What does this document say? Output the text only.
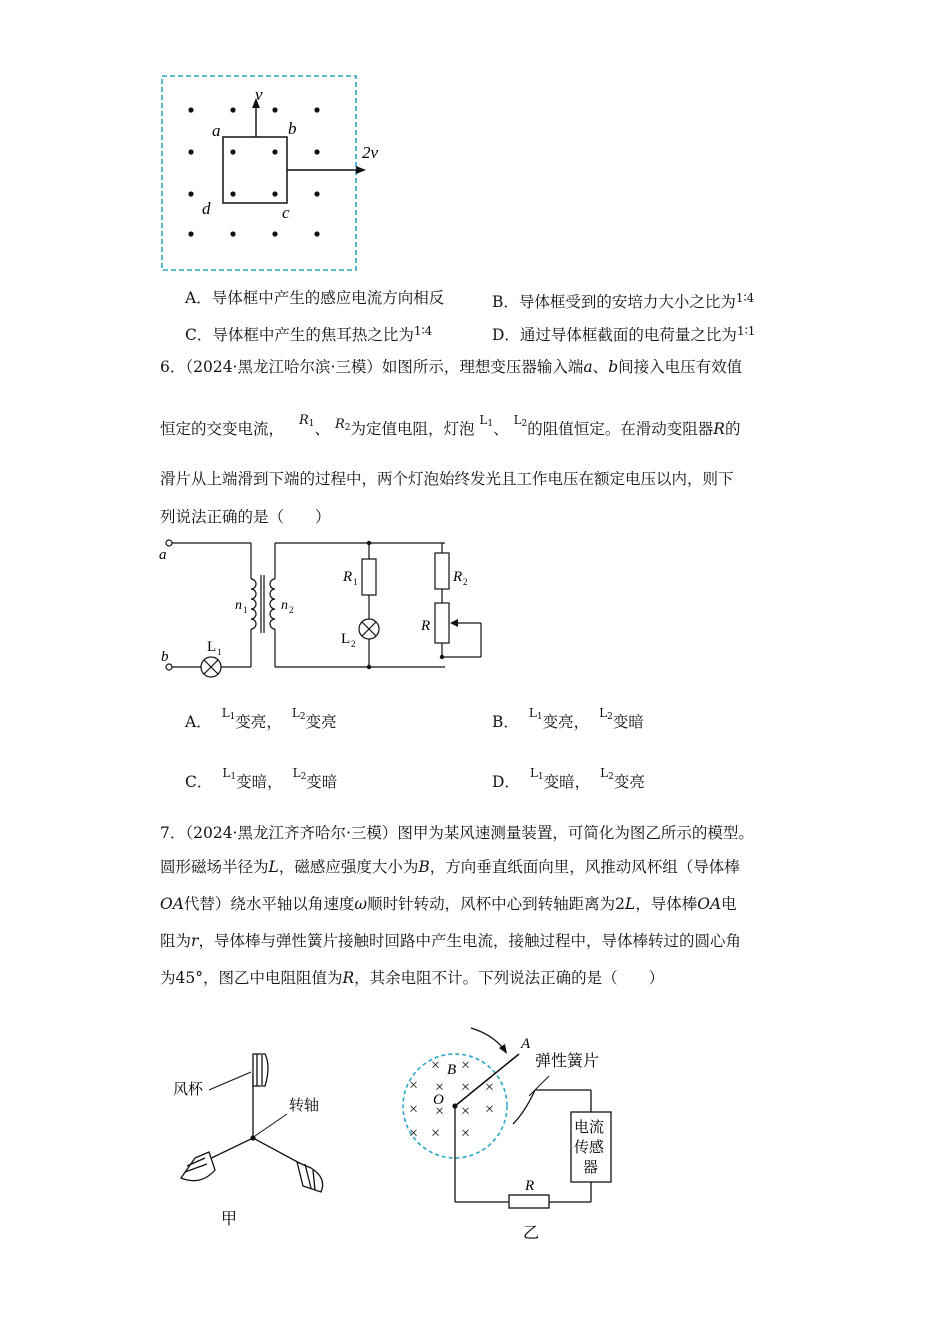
v
2v
a	b
c
d
A．导体框中产生的感应电流方向相反	B．导体框受到的安培力大小之比为$^{1∶4}$
C．导体框中产生的焦耳热之比为$^{1∶4}$	D．通过导体框截面的电荷量之比为$^{1∶1}$
6．（2024·黑龙江哈尔滨·三模）如图所示，理想变压器输入端a、b间接入电压有效值
恒定的交变电流， $^{R_1}$、 $^{R_2}$为定值电阻，灯泡 $^{L_1}$、 $^{L_2}$的阻值恒定。在滑动变阻器R的
滑片从上端滑到下端的过程中，两个灯泡始终发光且工作电压在额定电压以内，则下
列说法正确的是（　　）
a
b
L 1
n 1 n 2
R 1
L 2
R 2
R
A． $^{L_1}$变亮， $^{L_2}$变亮	B． $^{L_1}$变亮， $^{L_2}$变暗
C． $^{L_1}$变暗， $^{L_2}$变暗	D． $^{L_1}$变暗， $^{L_2}$变亮
7．（2024·黑龙江齐齐哈尔·三模）图甲为某风速测量装置，可简化为图乙所示的模型。
圆形磁场半径为L，磁感应强度大小为B，方向垂直纸面向里，风推动风杯组（导体棒
OA代替）绕水平轴以角速度ω顺时针转动，风杯中心到转轴距离为2L，导体棒OA电
阻为r，导体棒与弹性簧片接触时回路中产生电流，接触过程中，导体棒转过的圆心角
为45°，图乙中电阻阻值为R，其余电阻不计。下列说法正确的是（　　）
风杯
转轴
甲
× ×
× × × ×
×	×
× ×
×
× ×
A
B
O
弹性簧片
电流
传感
器
R
乙
